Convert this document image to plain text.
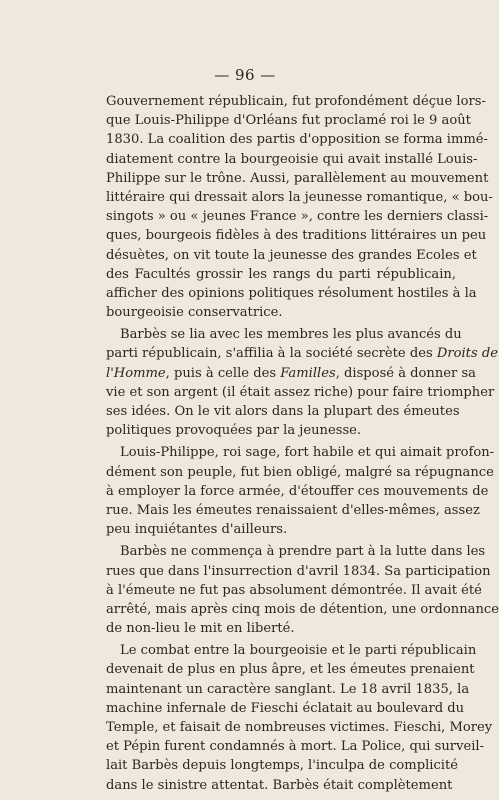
— 96 —
Gouvernement républicain, fut profondément déçue lors-
que Louis-Philippe d'Orléans fut proclamé roi le 9 août
1830. La coalition des partis d'opposition se forma immé-
diatement contre la bourgeoisie qui avait installé Louis-
Philippe sur le trône. Aussi, parallèlement au mouvement
littéraire qui dressait alors la jeunesse romantique, « bou-
singots » ou « jeunes France », contre les derniers classi-
ques, bourgeois fidèles à des traditions littéraires un peu
désuètes, on vit toute la jeunesse des grandes Ecoles et
des Facultés grossir les rangs du parti républicain,
afficher des opinions politiques résolument hostiles à la
bourgeoisie conservatrice.
Barbès se lia avec les membres les plus avancés du
parti républicain, s'affilia à la société secrète des Droits de
l'Homme, puis à celle des Familles, disposé à donner sa
vie et son argent (il était assez riche) pour faire triompher
ses idées. On le vit alors dans la plupart des émeutes
politiques provoquées par la jeunesse.
Louis-Philippe, roi sage, fort habile et qui aimait profon-
dément son peuple, fut bien obligé, malgré sa répugnance
à employer la force armée, d'étouffer ces mouvements de
rue. Mais les émeutes renaissaient d'elles-mêmes, assez
peu inquiétantes d'ailleurs.
Barbès ne commença à prendre part à la lutte dans les
rues que dans l'insurrection d'avril 1834. Sa participation
à l'émeute ne fut pas absolument démontrée. Il avait été
arrêté, mais après cinq mois de détention, une ordonnance
de non-lieu le mit en liberté.
Le combat entre la bourgeoisie et le parti républicain
devenait de plus en plus âpre, et les émeutes prenaient
maintenant un caractère sanglant. Le 18 avril 1835, la
machine infernale de Fieschi éclatait au boulevard du
Temple, et faisait de nombreuses victimes. Fieschi, Morey
et Pépin furent condamnés à mort. La Police, qui surveil-
lait Barbès depuis longtemps, l'inculpa de complicité
dans le sinistre attentat. Barbès était complètement
